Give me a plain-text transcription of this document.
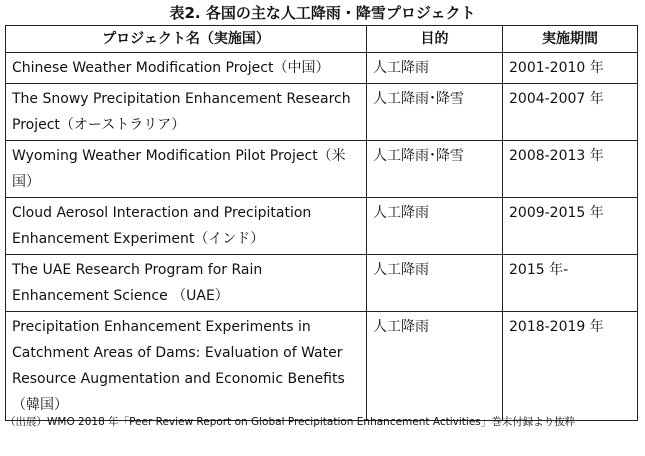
表2. 各国の主な人工降雨・降雪プロジェクト
プロジェクト名（実施国）	目的	実施期間
Chinese Weather Modification Project（中国）	人工降雨	2001-2010 年
The Snowy Precipitation Enhancement Research Project（オーストラリア）	人工降雨･降雪	2004-2007 年
Wyoming Weather Modification Pilot Project（米国）	人工降雨･降雪	2008-2013 年
Cloud Aerosol Interaction and Precipitation Enhancement Experiment（インド）	人工降雨	2009-2015 年
The UAE Research Program for Rain Enhancement Science （UAE）	人工降雨	2015 年-
Precipitation Enhancement Experiments in Catchment Areas of Dams: Evaluation of Water Resource Augmentation and Economic Benefits（韓国）	人工降雨	2018-2019 年
（出展）WMO 2018 年「Peer Review Report on Global Precipitation Enhancement Activities」巻末付録より抜粋
